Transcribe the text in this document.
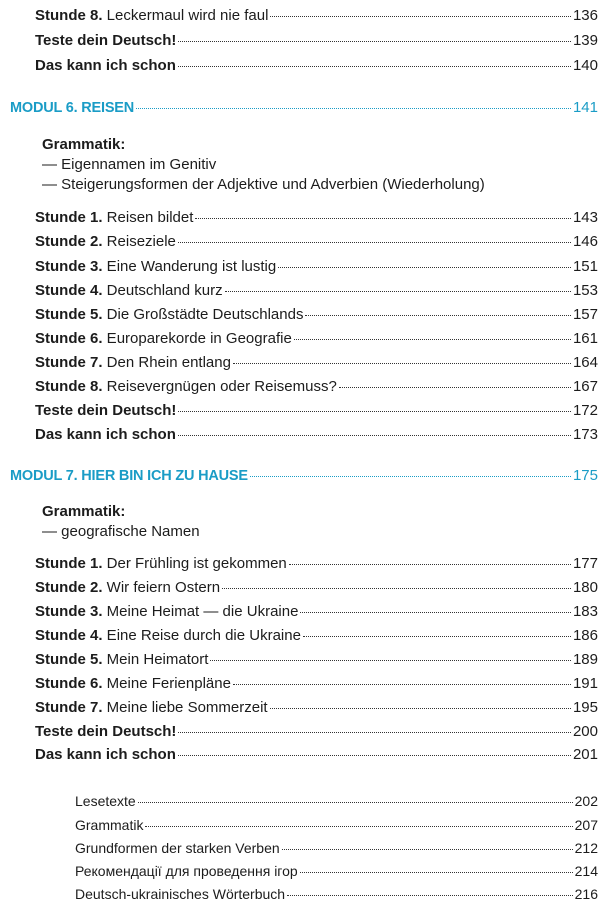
Stunde 8. Leckermaul wird nie faul	136
Teste dein Deutsch!	139
Das kann ich schon	140
MODUL 6. REISEN	141
Grammatik:
— Eigennamen im Genitiv
— Steigerungsformen der Adjektive und Adverbien (Wiederholung)
Stunde 1. Reisen bildet	143
Stunde 2. Reiseziele	146
Stunde 3. Eine Wanderung ist lustig	151
Stunde 4. Deutschland kurz	153
Stunde 5. Die Großstädte Deutschlands	157
Stunde 6. Europarekorde in Geografie	161
Stunde 7. Den Rhein entlang	164
Stunde 8. Reisevergnügen oder Reisemuss?	167
Teste dein Deutsch!	172
Das kann ich schon	173
MODUL 7. HIER BIN ICH ZU HAUSE	175
Grammatik:
— geografische Namen
Stunde 1. Der Frühling ist gekommen	177
Stunde 2. Wir feiern Ostern	180
Stunde 3. Meine Heimat — die Ukraine	183
Stunde 4. Eine Reise durch die Ukraine	186
Stunde 5. Mein Heimatort	189
Stunde 6. Meine Ferienpläne	191
Stunde 7. Meine liebe Sommerzeit	195
Teste dein Deutsch!	200
Das kann ich schon	201
Lesetexte	202
Grammatik	207
Grundformen der starken Verben	212
Рекомендації для проведення ігор	214
Deutsch-ukrainisches Wörterbuch	216
